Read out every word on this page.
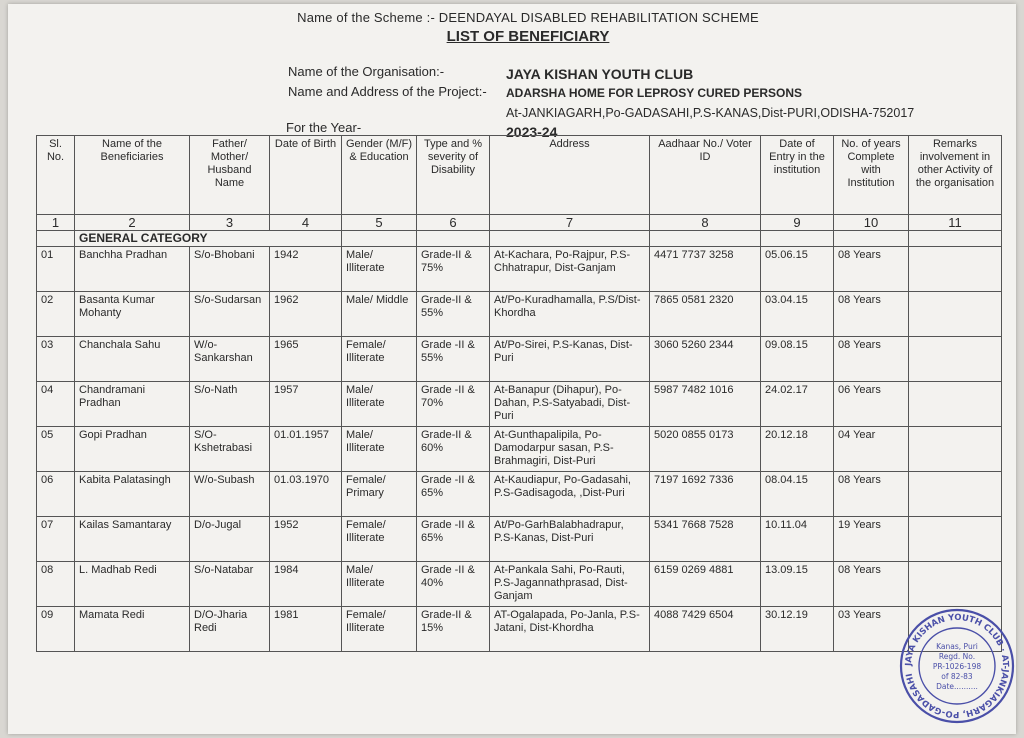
Name of the Scheme :- DEENDAYAL DISABLED REHABILITATION SCHEME
LIST OF BENEFICIARY
Name of the Organisation:-	JAYA KISHAN YOUTH CLUB
Name and Address of the Project:- ADARSHA HOME FOR LEPROSY CURED PERSONS
At-JANKIAGARH,Po-GADASAHI,P.S-KANAS,Dist-PURI,ODISHA-752017
For the Year-	2023-24
Sl. No.	Name of the Beneficiaries	Father/ Mother/ Husband Name	Date of Birth	Gender (M/F) & Education	Type and % severity of Disability	Address	Aadhaar No./ Voter ID	Date of Entry in the institution	No. of years Complete with Institution	Remarks involvement in other Activity of the organisation
1	2	3	4	5	6	7	8	9	10	11
	GENERAL CATEGORY									
01	Banchha Pradhan	S/o-Bhobani	1942	Male/ Illiterate	Grade-II & 75%	At-Kachara, Po-Rajpur, P.S-Chhatrapur, Dist-Ganjam	4471 7737 3258	05.06.15	08 Years	
02	Basanta Kumar Mohanty	S/o-Sudarsan	1962	Male/ Middle	Grade-II & 55%	At/Po-Kuradhamalla, P.S/Dist-Khordha	7865 0581 2320	03.04.15	08 Years	
03	Chanchala Sahu	W/o- Sankarshan	1965	Female/ Illiterate	Grade -II & 55%	At/Po-Sirei, P.S-Kanas, Dist-Puri	3060 5260 2344	09.08.15	08 Years	
04	Chandramani Pradhan	S/o-Nath	1957	Male/ Illiterate	Grade -II & 70%	At-Banapur (Dihapur), Po-Dahan, P.S-Satyabadi, Dist-Puri	5987 7482 1016	24.02.17	06 Years	
05	Gopi Pradhan	S/O-Kshetrabasi	01.01.1957	Male/ Illiterate	Grade-II & 60%	At-Gunthapalipila, Po-Damodarpur sasan, P.S-Brahmagiri, Dist-Puri	5020 0855 0173	20.12.18	04 Year	
06	Kabita Palatasingh	W/o-Subash	01.03.1970	Female/ Primary	Grade -II & 65%	At-Kaudiapur, Po-Gadasahi, P.S-Gadisagoda, ,Dist-Puri	7197 1692 7336	08.04.15	08 Years	
07	Kailas Samantaray	D/o-Jugal	1952	Female/ Illiterate	Grade -II & 65%	At/Po-GarhBalabhadrapur, P.S-Kanas, Dist-Puri	5341 7668 7528	10.11.04	19 Years	
08	L. Madhab Redi	S/o-Natabar	1984	Male/ Illiterate	Grade -II & 40%	At-Pankala Sahi, Po-Rauti, P.S-Jagannathprasad, Dist-Ganjam	6159 0269 4881	13.09.15	08 Years	
09	Mamata Redi	D/O-Jharia Redi	1981	Female/ Illiterate	Grade-II & 15%	AT-Ogalapada, Po-Janla, P.S-Jatani, Dist-Khordha	4088 7429 6504	30.12.19	03 Years	
JAYA KISHAN YOUTH CLUB · AT-JANKIAGARH, PO-GADASAHI
Kanas, Puri
Regd. No.
PR-1026-198
of 82-83
Date..........
